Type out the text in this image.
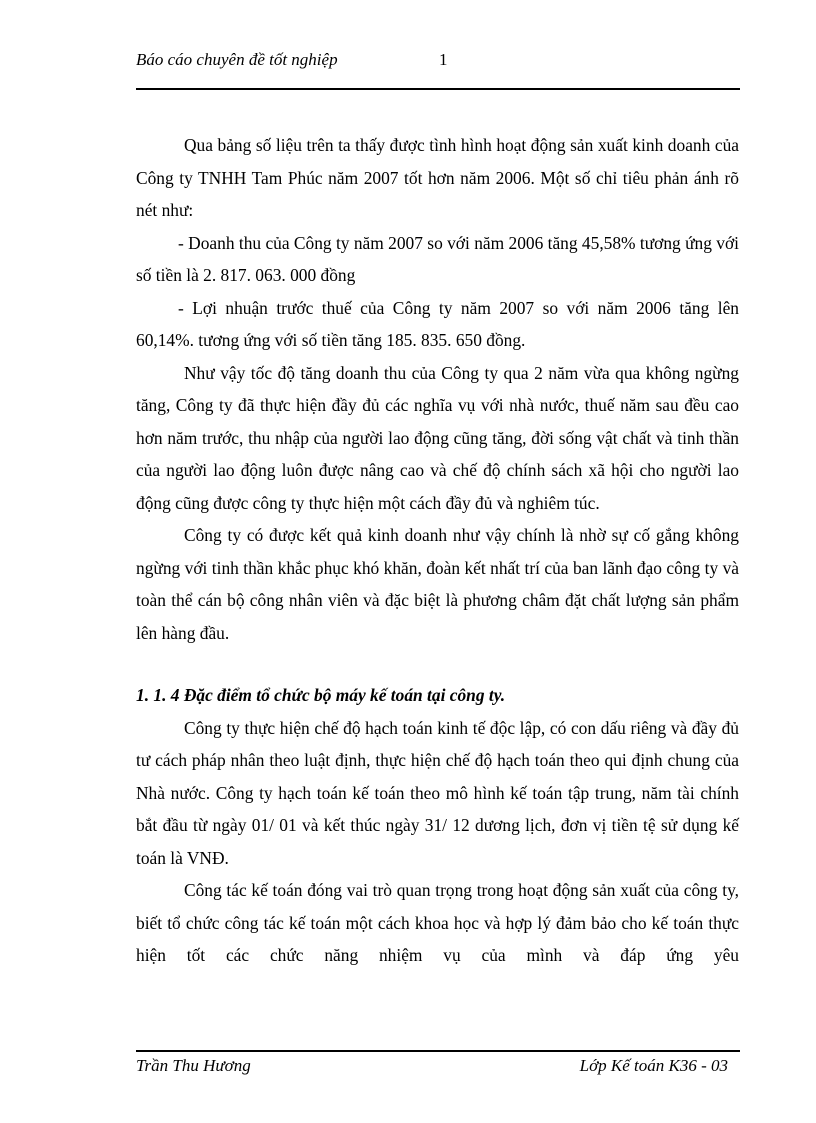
Báo cáo chuyên đề tốt nghiệp	1

Qua bảng số liệu trên ta thấy được tình hình hoạt động sản xuất kinh doanh của Công ty TNHH Tam Phúc năm 2007 tốt hơn năm 2006. Một số chỉ tiêu phản ánh rõ nét như:

- Doanh thu của Công ty năm 2007 so với năm 2006 tăng 45,58% tương ứng với số tiền là 2. 817. 063. 000 đồng

- Lợi nhuận trước thuế của Công ty năm 2007 so với năm 2006 tăng lên 60,14%. tương ứng với số tiền tăng 185. 835. 650 đồng.

Như vậy tốc độ tăng doanh thu của Công ty qua 2 năm vừa qua không ngừng tăng, Công ty đã thực hiện đầy đủ các nghĩa vụ với nhà nước, thuế năm sau đều cao hơn năm trước, thu nhập của người lao động cũng tăng, đời sống vật chất và tinh thần của người lao động luôn được nâng cao và chế độ chính sách xã hội cho người lao động cũng được công ty thực hiện một cách đầy đủ và nghiêm túc.

Công ty có được kết quả kinh doanh như vậy chính là nhờ sự cố gắng không ngừng với tinh thần khắc phục khó khăn, đoàn kết nhất trí của ban lãnh đạo công ty và toàn thể cán bộ công nhân viên và đặc biệt là phương châm đặt chất lượng sản phẩm lên hàng đầu.

1. 1. 4 Đặc điểm tổ chức bộ máy kế toán tại công ty.

Công ty thực hiện chế độ hạch toán kinh tế độc lập, có con dấu riêng và đầy đủ tư cách pháp nhân theo luật định, thực hiện chế độ hạch toán theo qui định chung của Nhà nước. Công ty hạch toán kế toán theo mô hình kế toán tập trung, năm tài chính bắt đầu từ ngày 01/ 01 và kết thúc ngày 31/ 12 dương lịch, đơn vị tiền tệ sử dụng kế toán là VNĐ.

Công tác kế toán đóng vai trò quan trọng trong hoạt động sản xuất của công ty, biết tổ chức công tác kế toán một cách khoa học và hợp lý đảm bảo cho kế toán thực hiện tốt các chức năng nhiệm vụ của mình và đáp ứng yêu

Trần Thu Hương	Lớp Kế toán K36 - 03
